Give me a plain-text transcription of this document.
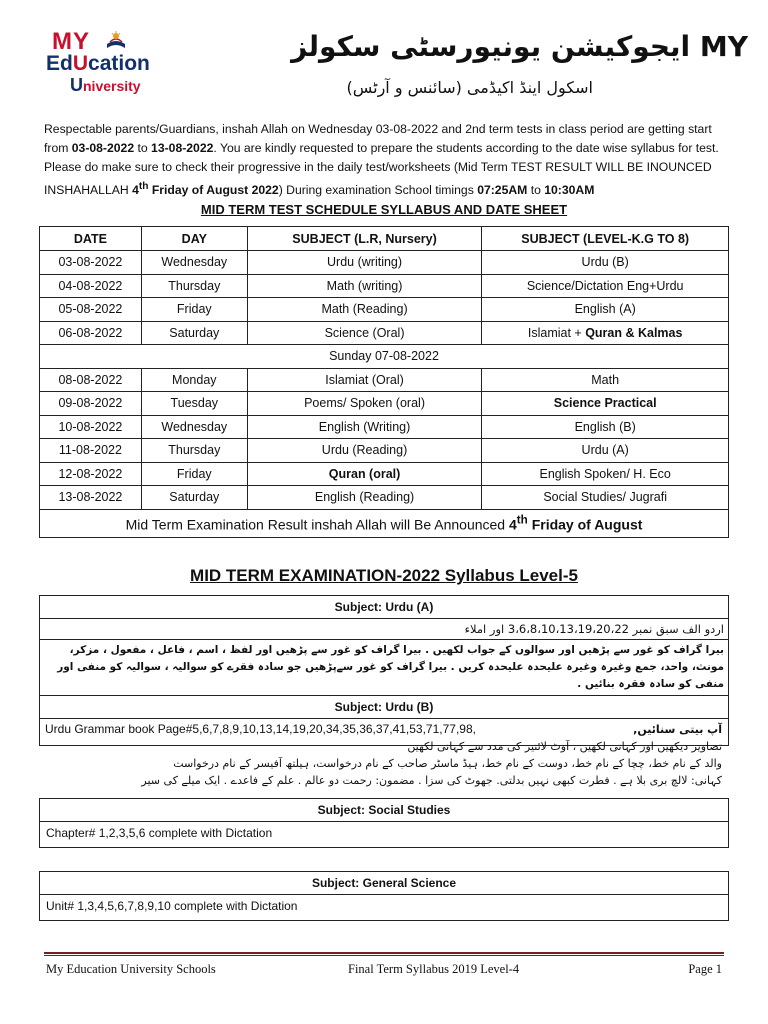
MY
EdUcation
University
MY ایجوکیشن یونیورسٹی سکولز
اسکول اینڈ اکیڈمی (سائنس و آرٹس)
Respectable parents/Guardians, inshah Allah on Wednesday 03-08-2022 and 2nd term tests in class period are getting start from 03-08-2022 to 13-08-2022. You are kindly requested to prepare the students according to the date wise syllabus for test. Please do make sure to check their progressive in the daily test/worksheets (Mid Term TEST RESULT WILL BE INOUNCED INSHAHALLAH 4th Friday of August 2022) During examination School timings 07:25AM to 10:30AM
MID TERM TEST SCHEDULE SYLLABUS AND DATE SHEET
DATE	DAY	SUBJECT (L.R, Nursery)	SUBJECT (LEVEL-K.G TO 8)
03-08-2022	Wednesday	Urdu (writing)	Urdu (B)
04-08-2022	Thursday	Math (writing)	Science/Dictation Eng+Urdu
05-08-2022	Friday	Math (Reading)	English (A)
06-08-2022	Saturday	Science (Oral)	Islamiat + Quran & Kalmas
Sunday 07-08-2022			
08-08-2022	Monday	Islamiat (Oral)	Math
09-08-2022	Tuesday	Poems/ Spoken (oral)	Science Practical
10-08-2022	Wednesday	English (Writing)	English (B)
11-08-2022	Thursday	Urdu (Reading)	Urdu (A)
12-08-2022	Friday	Quran (oral)	English Spoken/ H. Eco
13-08-2022	Saturday	English (Reading)	Social Studies/ Jugrafi
Mid Term Examination Result inshah Allah will Be Announced 4th Friday of August			
MID TERM EXAMINATION-2022 Syllabus Level-5
Subject: Urdu (A)
اردو الف سبق نمبر 3،6،8،10،13،19،20،22 اور املاء
بیرا گراف کو غور سے پڑھیں اور سوالوں کے جواب لکھیں . بیرا گراف کو غور سے پڑھیں اور لفظ ، اسم ، فاعل ، مفعول ، مزکر، مونث، واحد، جمع وغیرہ وغیرہ علیحدہ علیحدہ کریں . بیرا گراف کو غور سےپڑھیں جو سادہ فقرے کو سوالیہ ، سوالیہ کو منفی اور منفی کو سادہ فقرہ بنائیں .
Subject: Urdu (B)
Urdu Grammar book Page#5,6,7,8,9,10,13,14,19,20,34,35,36,37,41,53,71,77,98,	آپ بیتی سنائیں,
تصاویر دیکھیں اور کہانی لکھیں ، آوٹ لائنیز کی مدد سے کہانی لکھیں
والد کے نام خط، چچا کے نام خط، دوست کے نام خط، ہیڈ ماسٹر صاحب کے نام درخواست، ہیلتھ آفیسر کے نام درخواست
کہانی: لالچ بری بلا ہے . فطرت کبھی نہیں بدلتی. جھوٹ کی سزا . مضمون: رحمت دو عالم . علم کے فاعدے . ایک میلے کی سیر
Subject: Social Studies
Chapter# 1,2,3,5,6 complete with Dictation
Subject: General Science
Unit# 1,3,4,5,6,7,8,9,10 complete with Dictation
My Education University Schools	Final Term Syllabus 2019 Level-4	Page 1
